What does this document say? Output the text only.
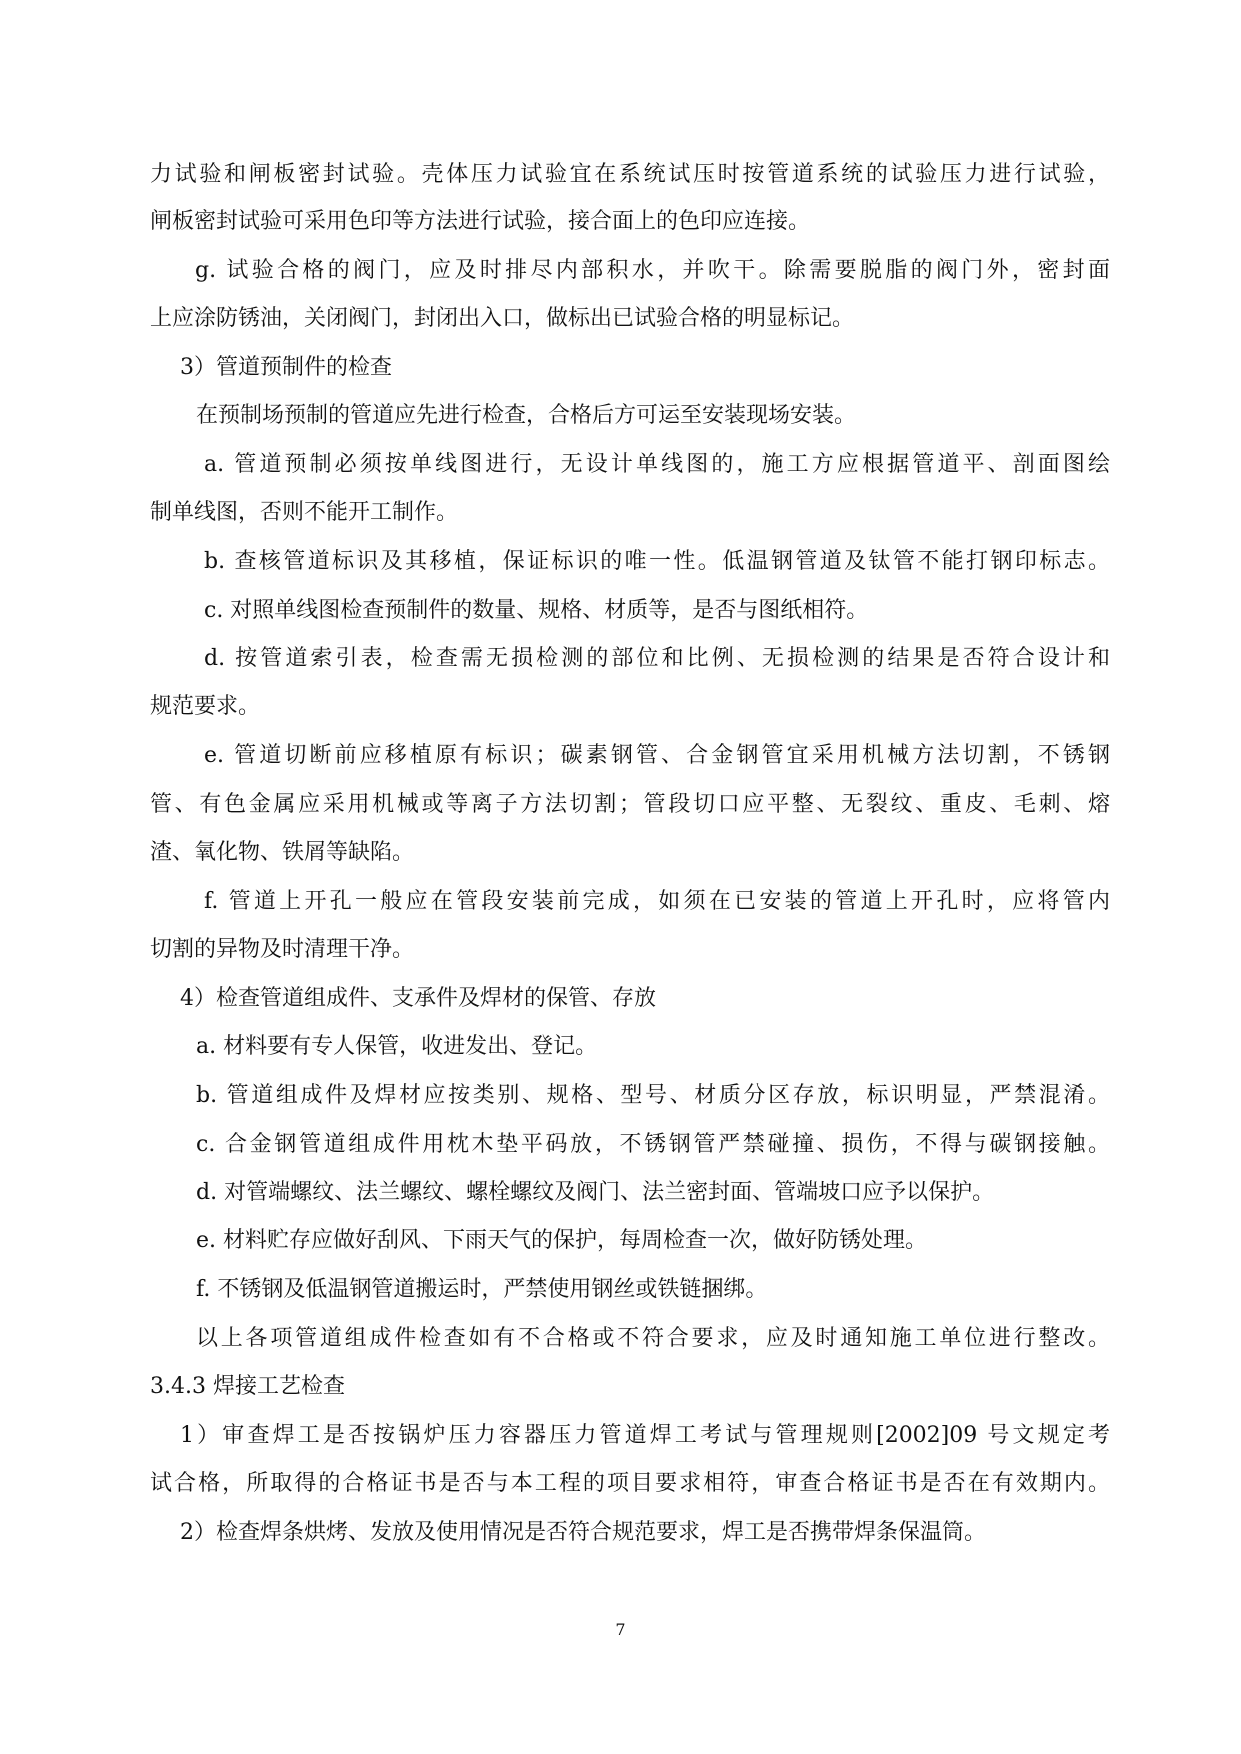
力试验和闸板密封试验。壳体压力试验宜在系统试压时按管道系统的试验压力进行试验，
闸板密封试验可采用色印等方法进行试验，接合面上的色印应连接。
g. 试验合格的阀门，应及时排尽内部积水，并吹干。除需要脱脂的阀门外，密封面
上应涂防锈油，关闭阀门，封闭出入口，做标出已试验合格的明显标记。
3）管道预制件的检查
在预制场预制的管道应先进行检查，合格后方可运至安装现场安装。
a. 管道预制必须按单线图进行，无设计单线图的，施工方应根据管道平、剖面图绘
制单线图，否则不能开工制作。
b. 查核管道标识及其移植，保证标识的唯一性。低温钢管道及钛管不能打钢印标志。
c. 对照单线图检查预制件的数量、规格、材质等，是否与图纸相符。
d. 按管道索引表，检查需无损检测的部位和比例、无损检测的结果是否符合设计和
规范要求。
e. 管道切断前应移植原有标识；碳素钢管、合金钢管宜采用机械方法切割，不锈钢
管、有色金属应采用机械或等离子方法切割；管段切口应平整、无裂纹、重皮、毛刺、熔
渣、氧化物、铁屑等缺陷。
f. 管道上开孔一般应在管段安装前完成，如须在已安装的管道上开孔时，应将管内
切割的异物及时清理干净。
4）检查管道组成件、支承件及焊材的保管、存放
a. 材料要有专人保管，收进发出、登记。
b. 管道组成件及焊材应按类别、规格、型号、材质分区存放，标识明显，严禁混淆。
c. 合金钢管道组成件用枕木垫平码放，不锈钢管严禁碰撞、损伤，不得与碳钢接触。
d. 对管端螺纹、法兰螺纹、螺栓螺纹及阀门、法兰密封面、管端坡口应予以保护。
e. 材料贮存应做好刮风、下雨天气的保护，每周检查一次，做好防锈处理。
f. 不锈钢及低温钢管道搬运时，严禁使用钢丝或铁链捆绑。
以上各项管道组成件检查如有不合格或不符合要求，应及时通知施工单位进行整改。
3.4.3 焊接工艺检查
1）审查焊工是否按锅炉压力容器压力管道焊工考试与管理规则[2002]09 号文规定考
试合格，所取得的合格证书是否与本工程的项目要求相符，审查合格证书是否在有效期内。
2）检查焊条烘烤、发放及使用情况是否符合规范要求，焊工是否携带焊条保温筒。
7
